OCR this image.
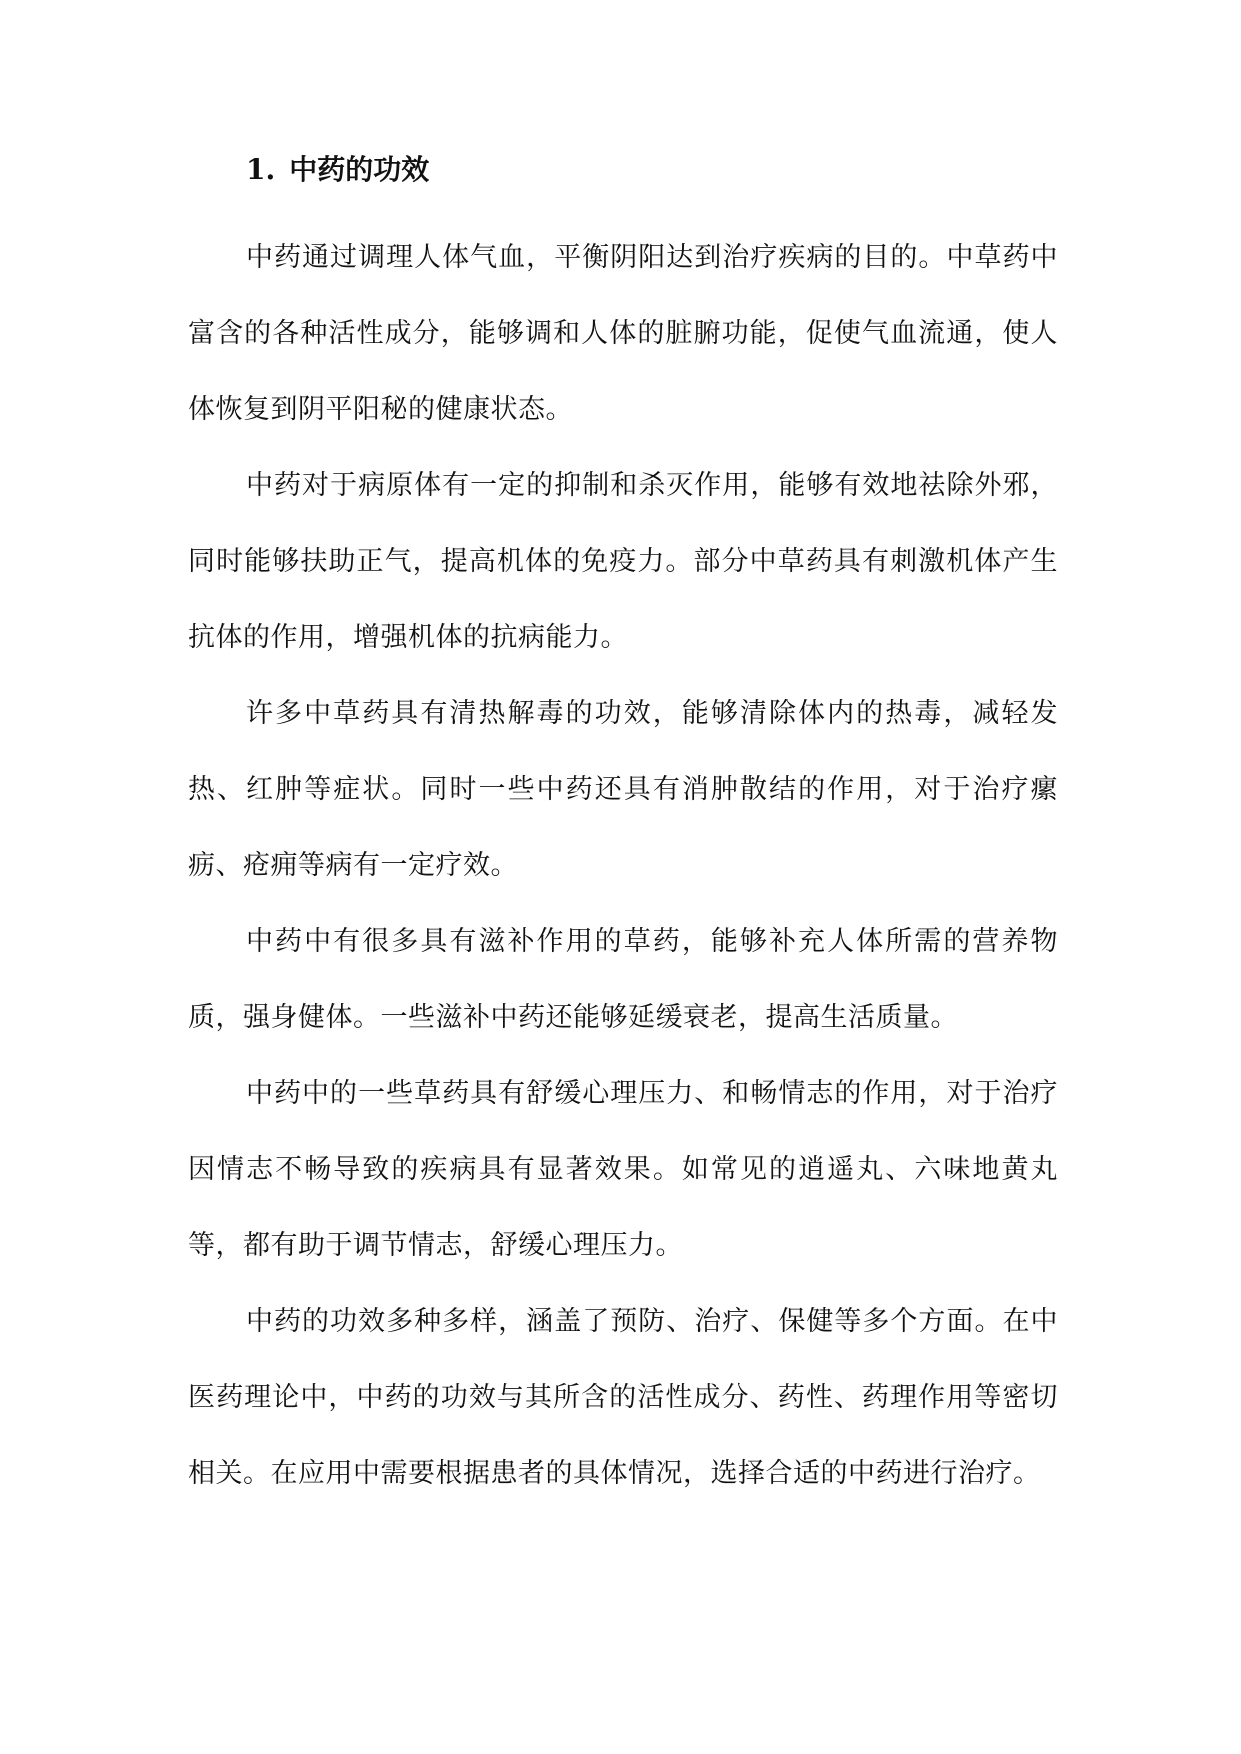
1. 中药的功效

中药通过调理人体气血，平衡阴阳达到治疗疾病的目的。中草药中富含的各种活性成分，能够调和人体的脏腑功能，促使气血流通，使人体恢复到阴平阳秘的健康状态。

中药对于病原体有一定的抑制和杀灭作用，能够有效地祛除外邪，同时能够扶助正气，提高机体的免疫力。部分中草药具有刺激机体产生抗体的作用，增强机体的抗病能力。

许多中草药具有清热解毒的功效，能够清除体内的热毒，减轻发热、红肿等症状。同时一些中药还具有消肿散结的作用，对于治疗瘰疬、疮痈等病有一定疗效。

中药中有很多具有滋补作用的草药，能够补充人体所需的营养物质，强身健体。一些滋补中药还能够延缓衰老，提高生活质量。

中药中的一些草药具有舒缓心理压力、和畅情志的作用，对于治疗因情志不畅导致的疾病具有显著效果。如常见的逍遥丸、六味地黄丸等，都有助于调节情志，舒缓心理压力。

中药的功效多种多样，涵盖了预防、治疗、保健等多个方面。在中医药理论中，中药的功效与其所含的活性成分、药性、药理作用等密切相关。在应用中需要根据患者的具体情况，选择合适的中药进行治疗。
